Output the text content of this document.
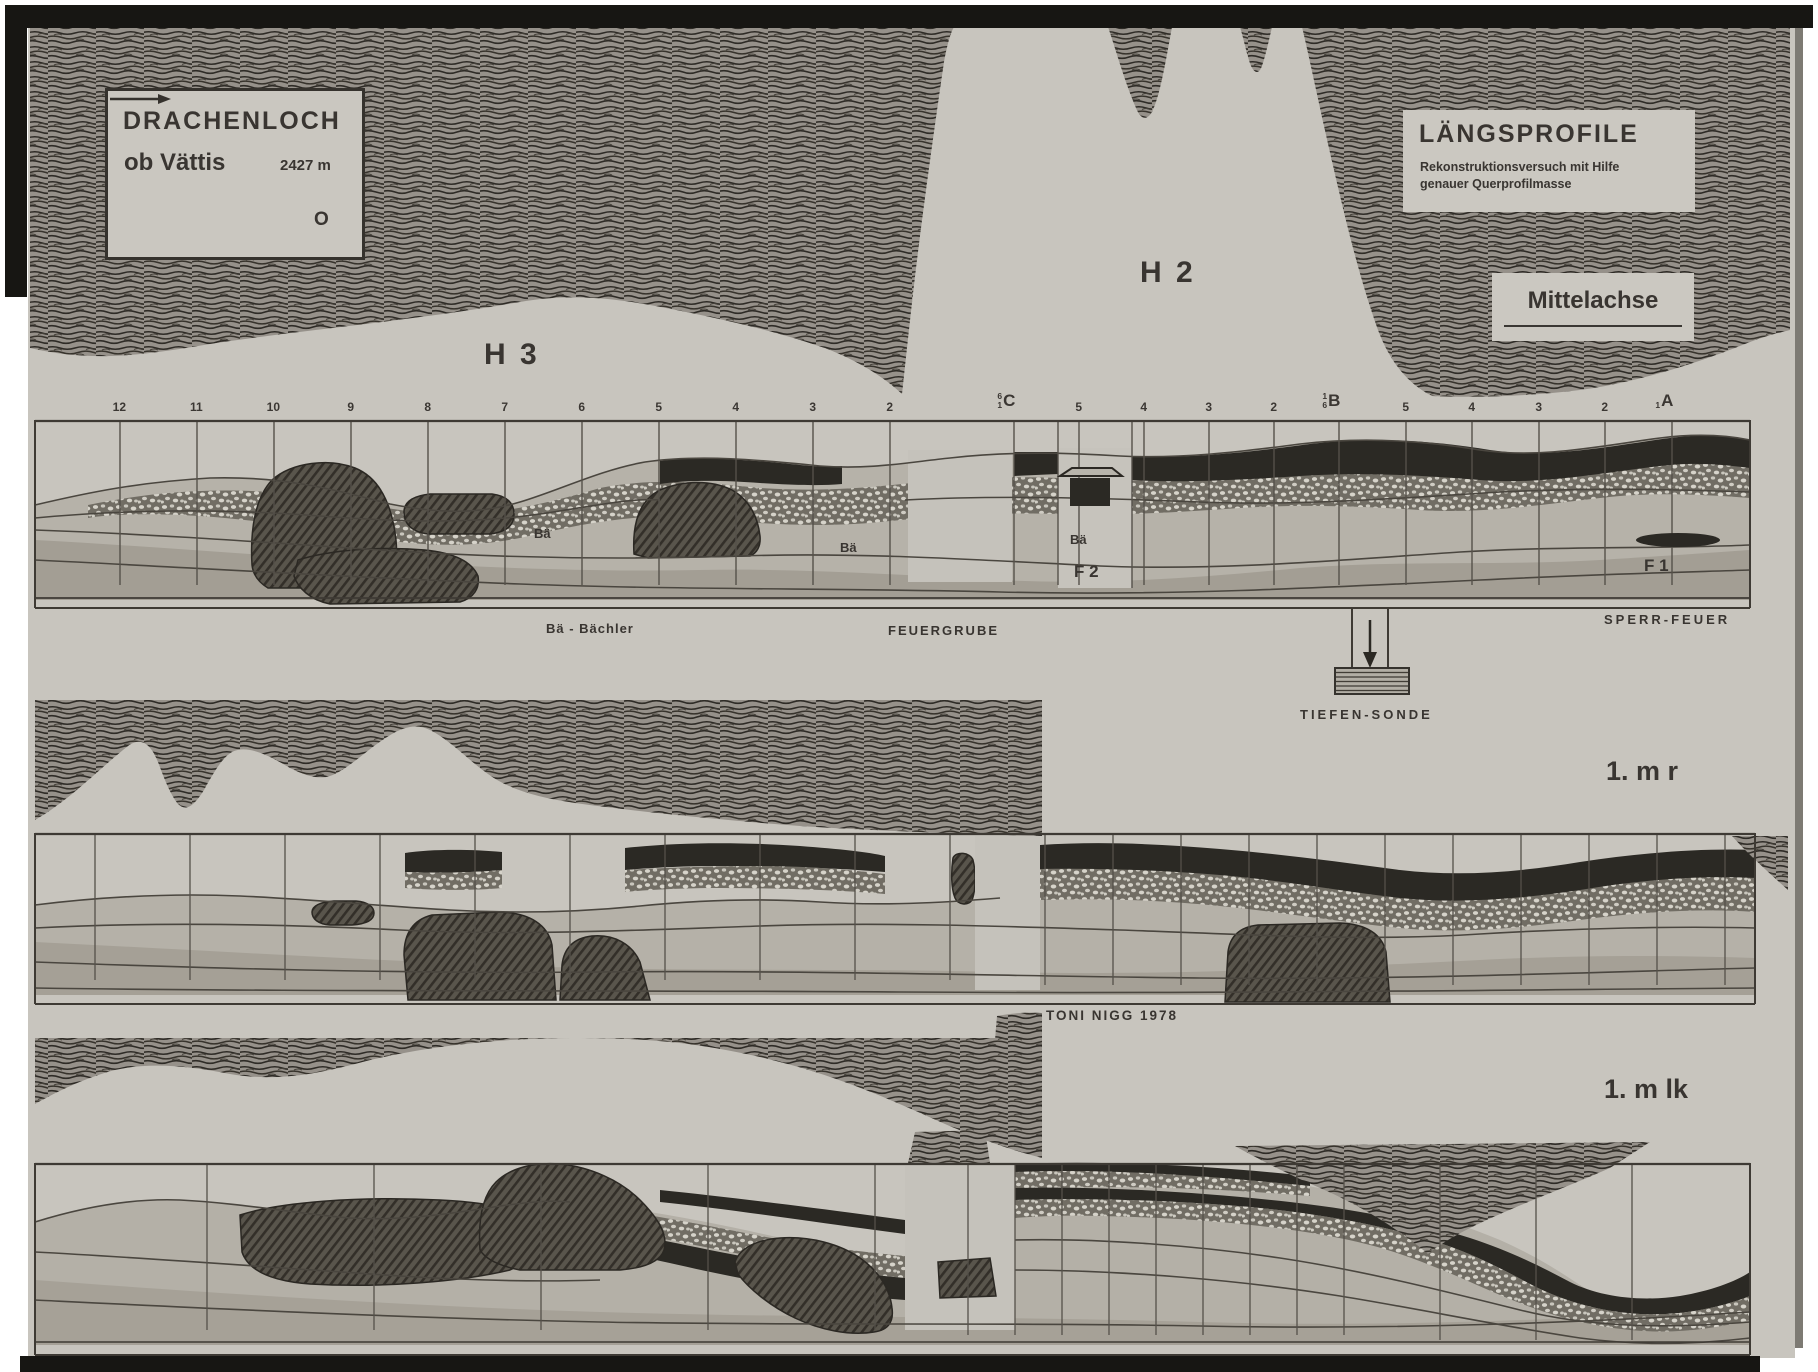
DRACHENLOCH
ob Vättis	2427 m
O
LÄNGSPROFILE
Rekonstruktionsversuch mit Hilfe
genauer Querprofilmasse
Mittelachse
H 3
H 2
12	11	10	9	8	7	6	5	4	3	2
6
1 C	5	4	3	2
1
6 B	5	4	3	2
	1 A
Bä
Bä
Bä
F 2	F 1
Bä - Bächler	FEUERGRUBE
SPERR-FEUER
TIEFEN-SONDE
1. m r
TONI NIGG 1978
1. m lk
